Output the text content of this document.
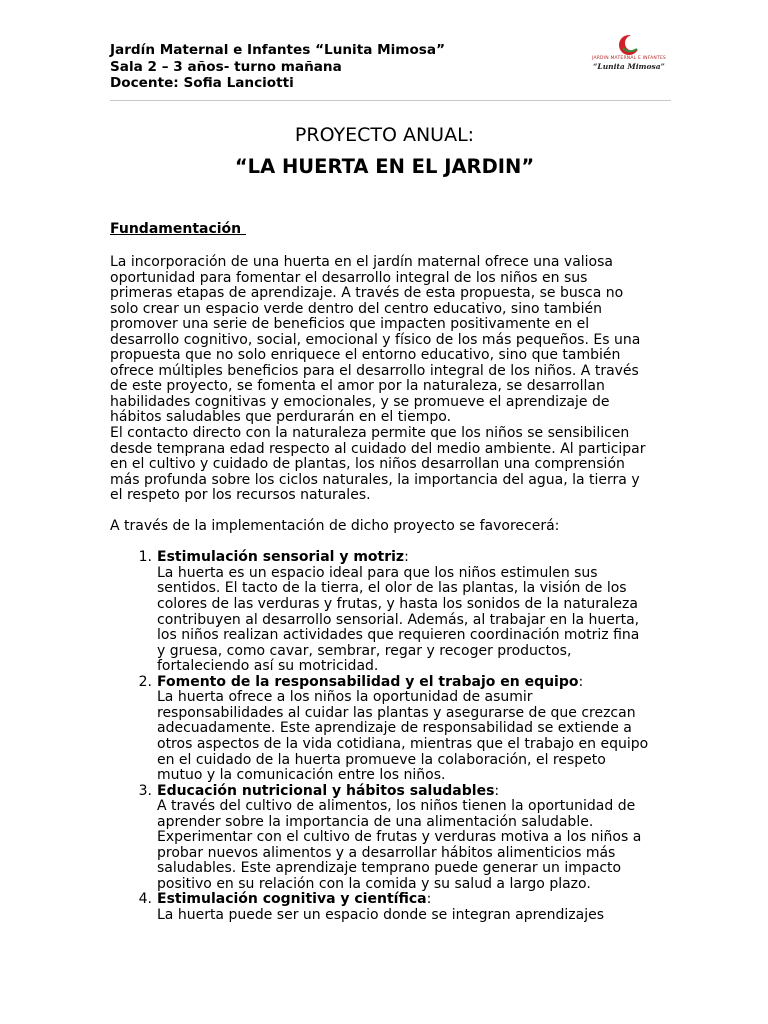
Jardín Maternal e Infantes “Lunita Mimosa”
Sala 2 – 3 años- turno mañana
Docente: Sofia Lanciotti
JARDIN MATERNAL E INFANTES
“Lunita Mimosa”
PROYECTO ANUAL:
“LA HUERTA EN EL JARDIN”
Fundamentación
La incorporación de una huerta en el jardín maternal ofrece una valiosa
oportunidad para fomentar el desarrollo integral de los niños en sus
primeras etapas de aprendizaje. A través de esta propuesta, se busca no
solo crear un espacio verde dentro del centro educativo, sino también
promover una serie de beneficios que impacten positivamente en el
desarrollo cognitivo, social, emocional y físico de los más pequeños. Es una
propuesta que no solo enriquece el entorno educativo, sino que también
ofrece múltiples beneficios para el desarrollo integral de los niños. A través
de este proyecto, se fomenta el amor por la naturaleza, se desarrollan
habilidades cognitivas y emocionales, y se promueve el aprendizaje de
hábitos saludables que perdurarán en el tiempo.
El contacto directo con la naturaleza permite que los niños se sensibilicen
desde temprana edad respecto al cuidado del medio ambiente. Al participar
en el cultivo y cuidado de plantas, los niños desarrollan una comprensión
más profunda sobre los ciclos naturales, la importancia del agua, la tierra y
el respeto por los recursos naturales.
A través de la implementación de dicho proyecto se favorecerá:
1. Estimulación sensorial y motriz:
La huerta es un espacio ideal para que los niños estimulen sus
sentidos. El tacto de la tierra, el olor de las plantas, la visión de los
colores de las verduras y frutas, y hasta los sonidos de la naturaleza
contribuyen al desarrollo sensorial. Además, al trabajar en la huerta,
los niños realizan actividades que requieren coordinación motriz fina
y gruesa, como cavar, sembrar, regar y recoger productos,
fortaleciendo así su motricidad.
2. Fomento de la responsabilidad y el trabajo en equipo:
La huerta ofrece a los niños la oportunidad de asumir
responsabilidades al cuidar las plantas y asegurarse de que crezcan
adecuadamente. Este aprendizaje de responsabilidad se extiende a
otros aspectos de la vida cotidiana, mientras que el trabajo en equipo
en el cuidado de la huerta promueve la colaboración, el respeto
mutuo y la comunicación entre los niños.
3. Educación nutricional y hábitos saludables:
A través del cultivo de alimentos, los niños tienen la oportunidad de
aprender sobre la importancia de una alimentación saludable.
Experimentar con el cultivo de frutas y verduras motiva a los niños a
probar nuevos alimentos y a desarrollar hábitos alimenticios más
saludables. Este aprendizaje temprano puede generar un impacto
positivo en su relación con la comida y su salud a largo plazo.
4. Estimulación cognitiva y científica:
La huerta puede ser un espacio donde se integran aprendizajes
